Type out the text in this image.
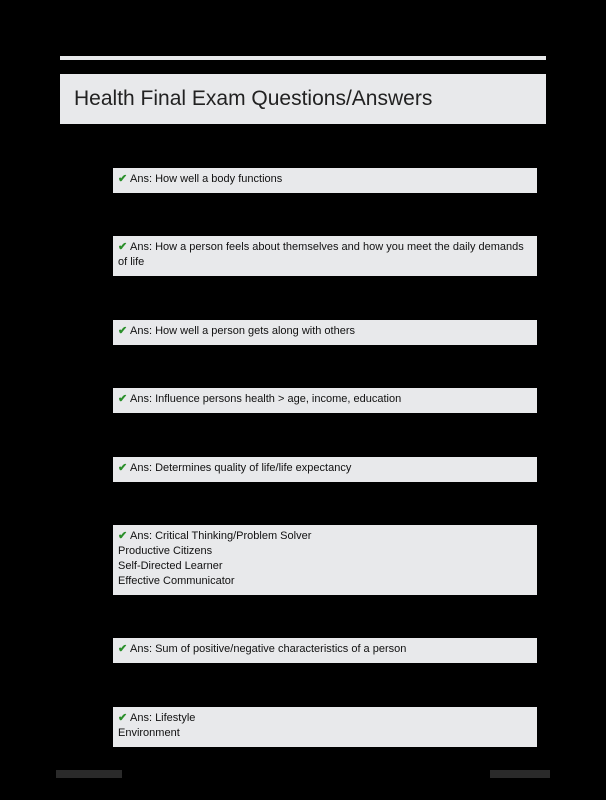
Health Final Exam Questions/Answers
✔ Ans: How well a body functions
✔ Ans: How a person feels about themselves and how you meet the daily demands of life
✔ Ans: How well a person gets along with others
✔ Ans: Influence persons health > age, income, education
✔ Ans: Determines quality of life/life expectancy
✔ Ans: Critical Thinking/Problem Solver
Productive Citizens
Self-Directed Learner
Effective Communicator
✔ Ans: Sum of positive/negative characteristics of a person
✔ Ans: Lifestyle
Environment
